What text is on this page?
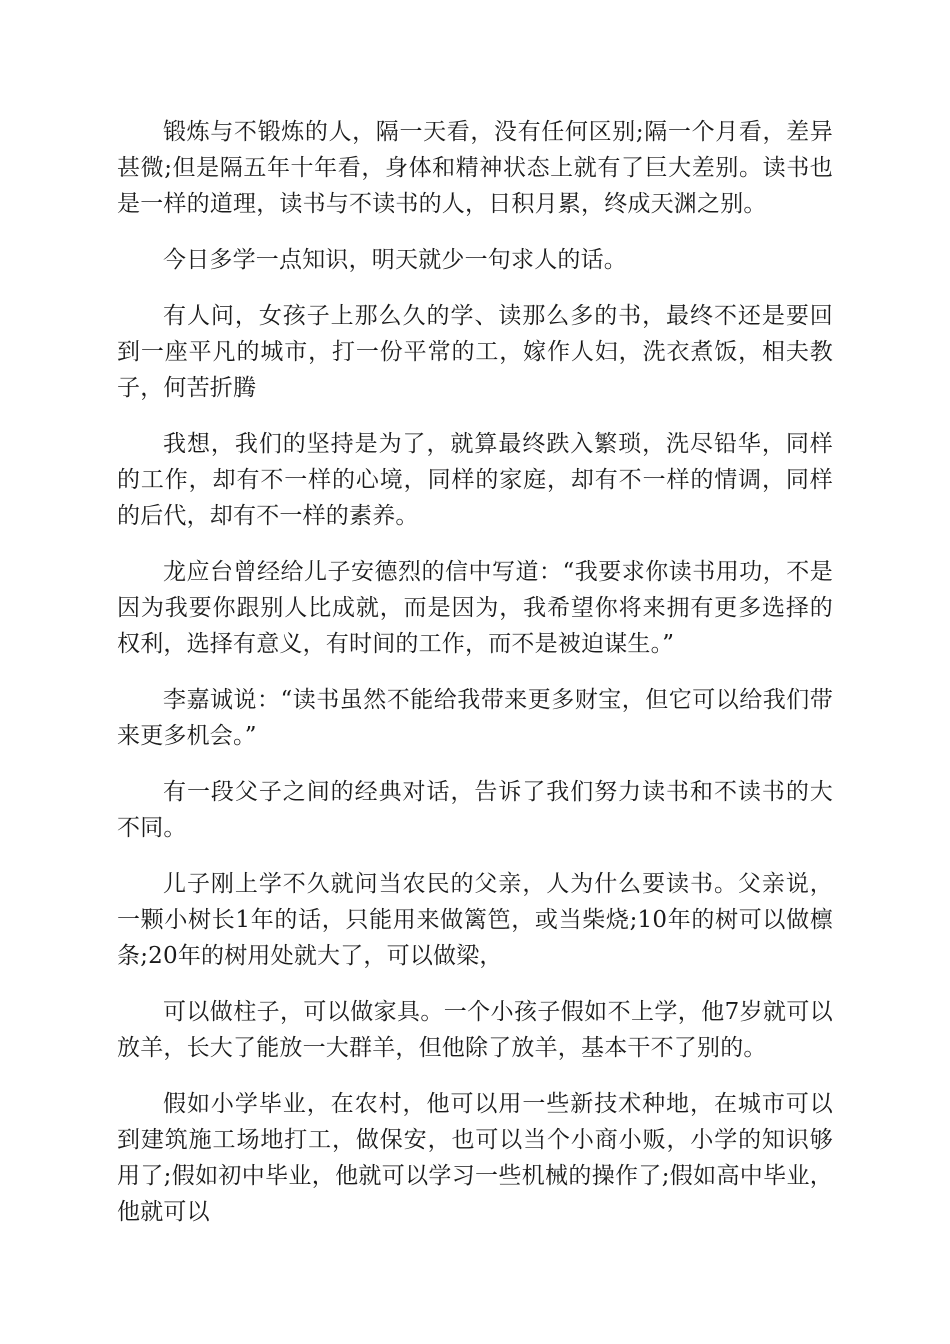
锻炼与不锻炼的人，隔一天看，没有任何区别;隔一个月看，差异甚微;但是隔五年十年看，身体和精神状态上就有了巨大差别。读书也是一样的道理，读书与不读书的人，日积月累，终成天渊之别。

今日多学一点知识，明天就少一句求人的话。

有人问，女孩子上那么久的学、读那么多的书，最终不还是要回到一座平凡的城市，打一份平常的工，嫁作人妇，洗衣煮饭，相夫教子，何苦折腾

我想，我们的坚持是为了，就算最终跌入繁琐，洗尽铅华，同样的工作，却有不一样的心境，同样的家庭，却有不一样的情调，同样的后代，却有不一样的素养。

龙应台曾经给儿子安德烈的信中写道：“我要求你读书用功，不是因为我要你跟别人比成就，而是因为，我希望你将来拥有更多选择的权利，选择有意义，有时间的工作，而不是被迫谋生。”

李嘉诚说：“读书虽然不能给我带来更多财宝，但它可以给我们带来更多机会。”

有一段父子之间的经典对话，告诉了我们努力读书和不读书的大不同。

儿子刚上学不久就问当农民的父亲，人为什么要读书。父亲说，一颗小树长1年的话，只能用来做篱笆，或当柴烧;10年的树可以做檩条;20年的树用处就大了，可以做梁，

可以做柱子，可以做家具。一个小孩子假如不上学，他7岁就可以放羊，长大了能放一大群羊，但他除了放羊，基本干不了别的。

假如小学毕业，在农村，他可以用一些新技术种地，在城市可以到建筑施工场地打工，做保安，也可以当个小商小贩，小学的知识够用了;假如初中毕业，他就可以学习一些机械的操作了;假如高中毕业，他就可以
